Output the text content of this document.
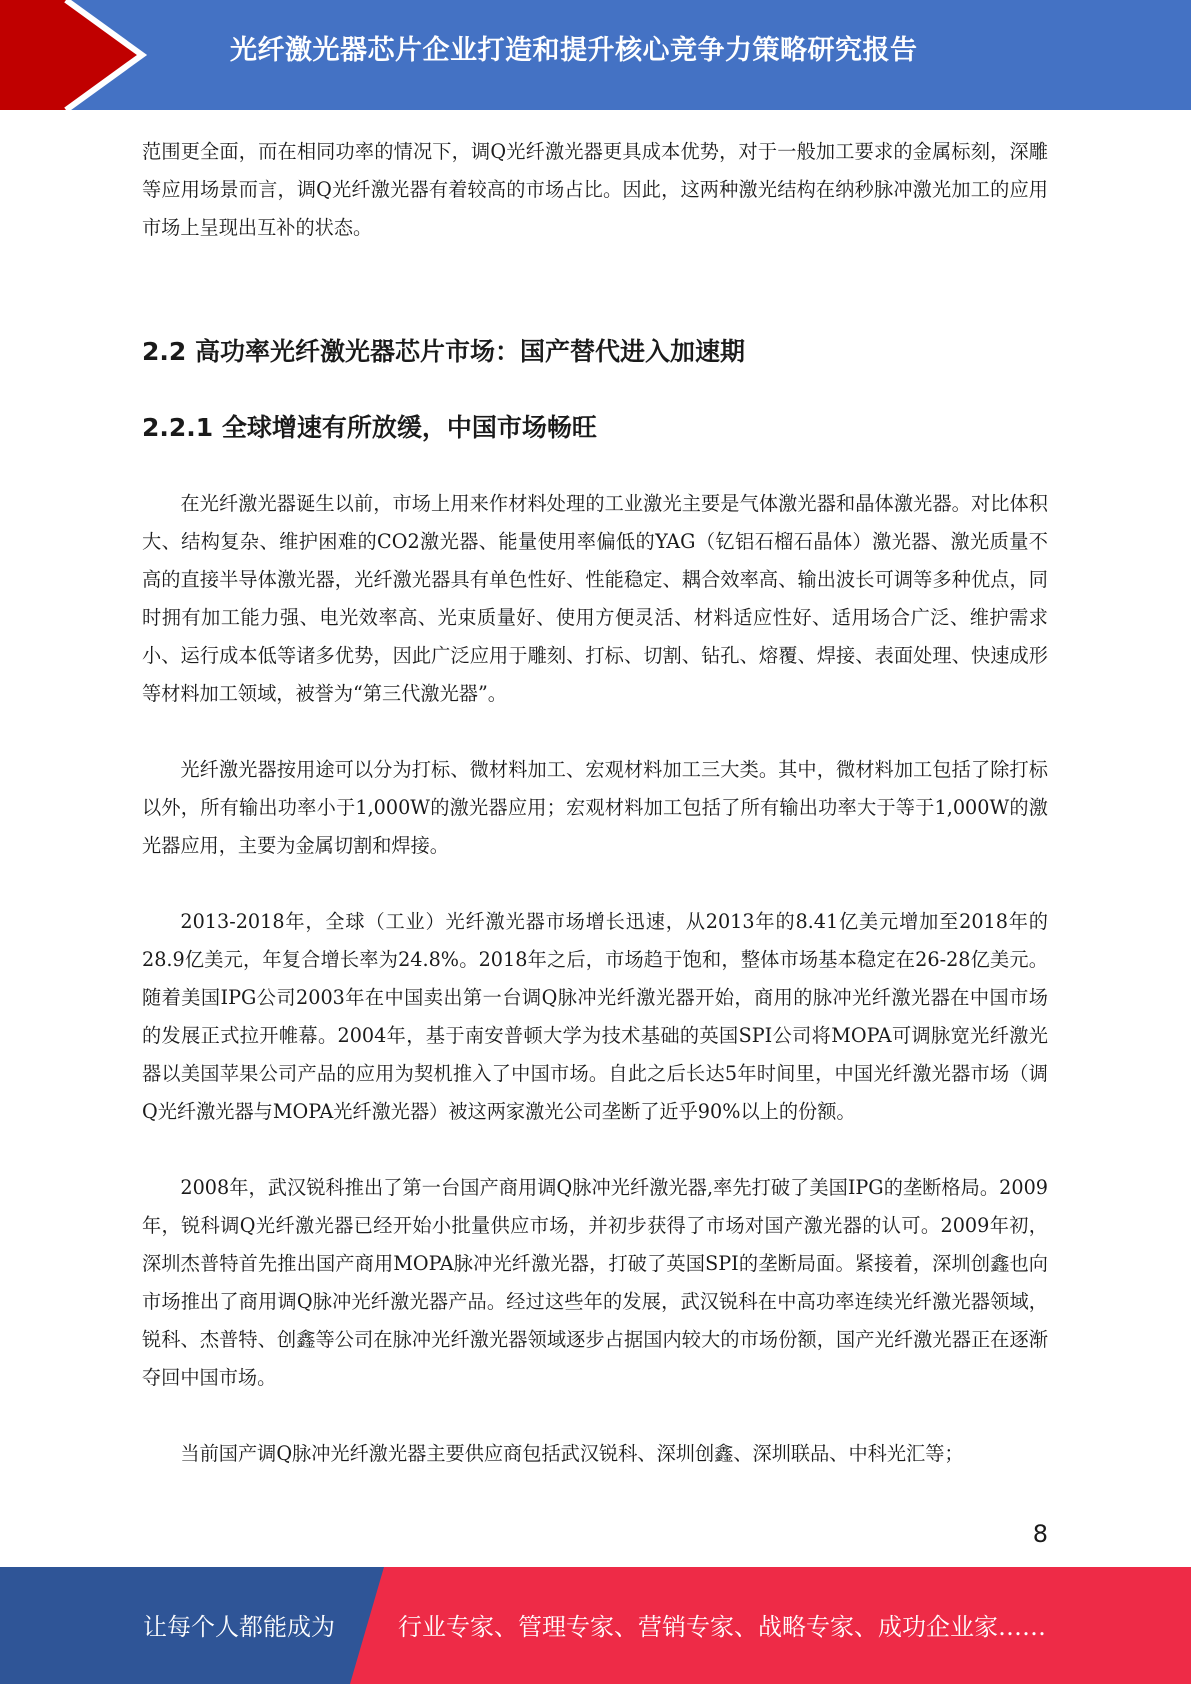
光纤激光器芯片企业打造和提升核心竞争力策略研究报告

范围更全面，而在相同功率的情况下，调Q光纤激光器更具成本优势，对于一般加工要求的金属标刻，深雕等应用场景而言，调Q光纤激光器有着较高的市场占比。因此，这两种激光结构在纳秒脉冲激光加工的应用市场上呈现出互补的状态。

2.2 高功率光纤激光器芯片市场：国产替代进入加速期
2.2.1 全球增速有所放缓，中国市场畅旺

在光纤激光器诞生以前，市场上用来作材料处理的工业激光主要是气体激光器和晶体激光器。对比体积大、结构复杂、维护困难的CO2激光器、能量使用率偏低的YAG（钇铝石榴石晶体）激光器、激光质量不高的直接半导体激光器，光纤激光器具有单色性好、性能稳定、耦合效率高、输出波长可调等多种优点，同时拥有加工能力强、电光效率高、光束质量好、使用方便灵活、材料适应性好、适用场合广泛、维护需求小、运行成本低等诸多优势，因此广泛应用于雕刻、打标、切割、钻孔、熔覆、焊接、表面处理、快速成形等材料加工领域，被誉为“第三代激光器”。

光纤激光器按用途可以分为打标、微材料加工、宏观材料加工三大类。其中，微材料加工包括了除打标以外，所有输出功率小于1,000W的激光器应用；宏观材料加工包括了所有输出功率大于等于1,000W的激光器应用，主要为金属切割和焊接。

2013-2018年，全球（工业）光纤激光器市场增长迅速，从2013年的8.41亿美元增加至2018年的28.9亿美元，年复合增长率为24.8%。2018年之后，市场趋于饱和，整体市场基本稳定在26-28亿美元。随着美国IPG公司2003年在中国卖出第一台调Q脉冲光纤激光器开始，商用的脉冲光纤激光器在中国市场的发展正式拉开帷幕。2004年，基于南安普顿大学为技术基础的英国SPI公司将MOPA可调脉宽光纤激光器以美国苹果公司产品的应用为契机推入了中国市场。自此之后长达5年时间里，中国光纤激光器市场（调Q光纤激光器与MOPA光纤激光器）被这两家激光公司垄断了近乎90%以上的份额。

2008年，武汉锐科推出了第一台国产商用调Q脉冲光纤激光器,率先打破了美国IPG的垄断格局。2009年，锐科调Q光纤激光器已经开始小批量供应市场，并初步获得了市场对国产激光器的认可。2009年初，深圳杰普特首先推出国产商用MOPA脉冲光纤激光器，打破了英国SPI的垄断局面。紧接着，深圳创鑫也向市场推出了商用调Q脉冲光纤激光器产品。经过这些年的发展，武汉锐科在中高功率连续光纤激光器领域，锐科、杰普特、创鑫等公司在脉冲光纤激光器领域逐步占据国内较大的市场份额，国产光纤激光器正在逐渐夺回中国市场。

当前国产调Q脉冲光纤激光器主要供应商包括武汉锐科、深圳创鑫、深圳联品、中科光汇等；

8
让每个人都能成为	行业专家、管理专家、营销专家、战略专家、成功企业家……
